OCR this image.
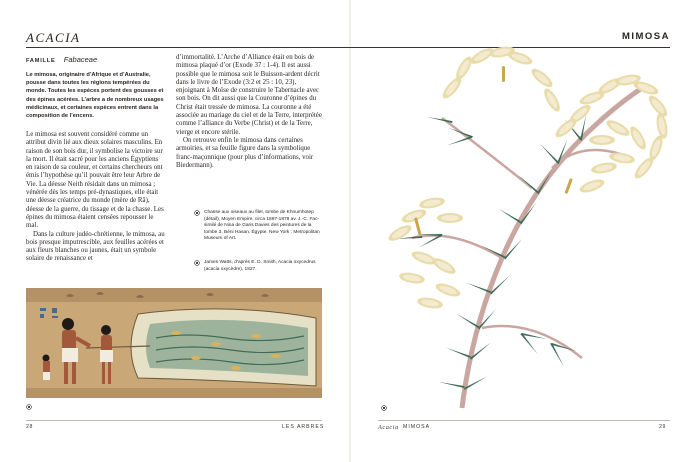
ACACIA	MIMOSA
FAMILLE Fabaceae
Le mimosa, originaire d’Afrique et d’Australie, pousse dans toutes les régions tempérées du monde. Toutes les espèces portent des gousses et des épines acérées. L’arbre a de nombreux usages médicinaux, et certaines espèces entrent dans la composition de l’encens.

Le mimosa est souvent considéré comme un attribut divin lié aux dieux solaires masculins. En raison de son bois dur, il symbolise la victoire sur la mort. Il était sacré pour les anciens Égyptiens en raison de sa couleur, et certains chercheurs ont émis l’hypothèse qu’il pouvait être leur Arbre de Vie. La déesse Neith résidait dans un mimosa ; vénérée dès les temps pré-dynastiques, elle était une déesse créatrice du monde (mère de Râ), déesse de la guerre, du tissage et de la chasse. Les épines du mimosa étaient censées repousser le mal.

Dans la culture judéo-chrétienne, le mimosa, au bois presque imputrescible, aux feuilles acérées et aux fleurs blanches ou jaunes, était un symbole solaire de renaissance et

d’immortalité. L’Arche d’Alliance était en bois de mimosa plaqué d’or (Exode 37 : 1-4). Il est aussi possible que le mimosa soit le Buisson-ardent décrit dans le livre de l’Exode (3:2 et 25 : 10, 23), enjoignant à Moïse de construire le Tabernacle avec son bois. On dit aussi que la Couronne d’épines du Christ était tressée de mimosa. La couronne a été associée au mariage du ciel et de la Terre, interprétée comme l’alliance du Verbe (Christ) et de la Terre, vierge et encore stérile.

On retrouve enfin le mimosa dans certaines armoiries, et sa feuille figure dans la symbolique franc-maçonnique (pour plus d’informations, voir Biedermann).

Chasse aux oiseaux au filet, tombe de Khnumhotep (détail), Moyen Empire, circa 1897-1878 av. J.-C. Fac-similé de Nina de Garis Davies des peintures de la tombe 3, Béni Hasan, Égypte. New York : Metropolitan Museum of Art.
James Watts, d’après E. D. Smith, Acacia oxycedrus (acacia oxycèdre), 1827.
28	LES ARBRES	Acacia MIMOSA	29
